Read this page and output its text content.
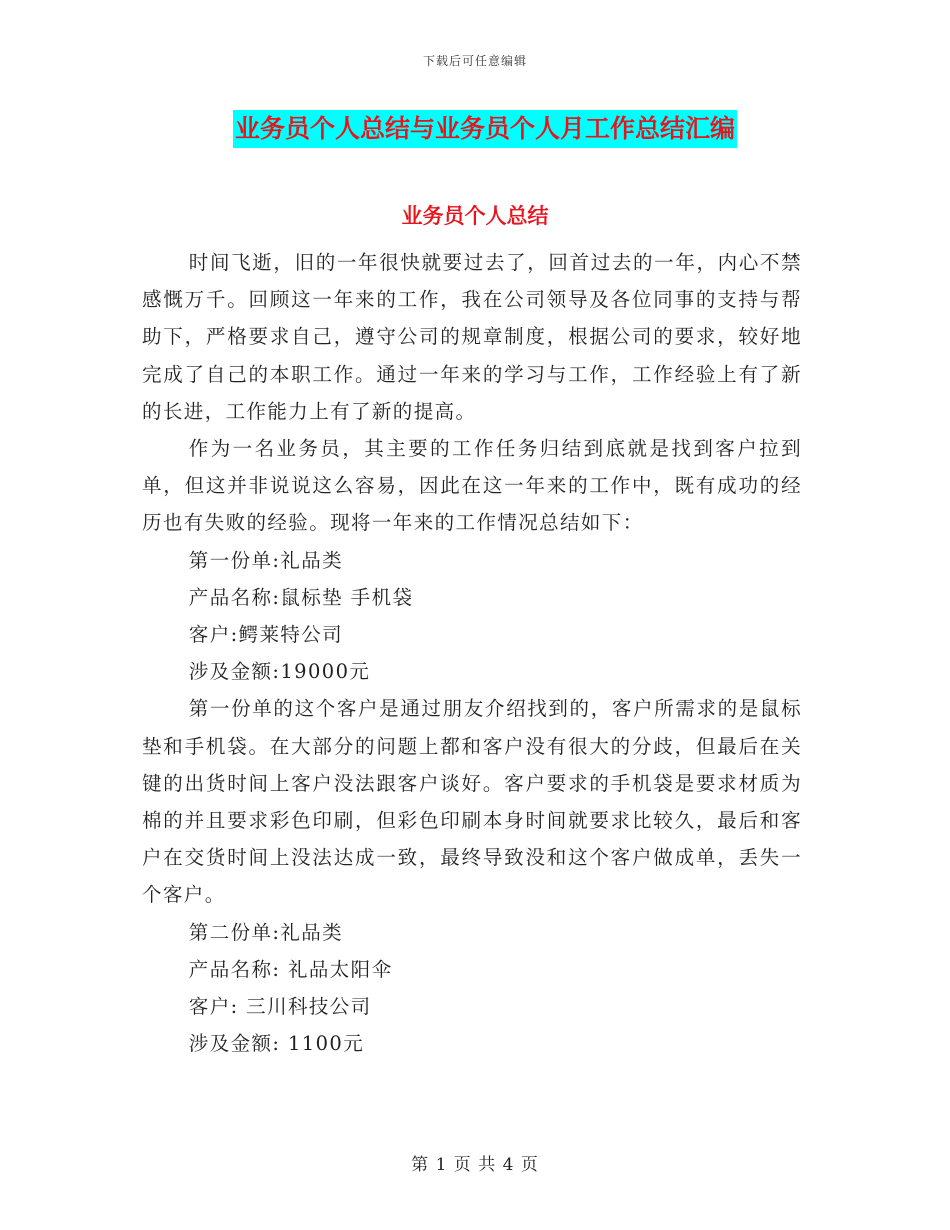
下载后可任意编辑
业务员个人总结与业务员个人月工作总结汇编
业务员个人总结

时间飞逝，旧的一年很快就要过去了，回首过去的一年，内心不禁感慨万千。回顾这一年来的工作，我在公司领导及各位同事的支持与帮助下，严格要求自己，遵守公司的规章制度，根据公司的要求，较好地完成了自己的本职工作。通过一年来的学习与工作，工作经验上有了新的长进，工作能力上有了新的提高。

作为一名业务员，其主要的工作任务归结到底就是找到客户拉到单，但这并非说说这么容易，因此在这一年来的工作中，既有成功的经历也有失败的经验。现将一年来的工作情况总结如下：

第一份单:礼品类

产品名称:鼠标垫 手机袋

客户:鳄莱特公司

涉及金额:19000元

第一份单的这个客户是通过朋友介绍找到的，客户所需求的是鼠标垫和手机袋。在大部分的问题上都和客户没有很大的分歧，但最后在关键的出货时间上客户没法跟客户谈好。客户要求的手机袋是要求材质为棉的并且要求彩色印刷，但彩色印刷本身时间就要求比较久，最后和客户在交货时间上没法达成一致，最终导致没和这个客户做成单，丢失一个客户。

第二份单:礼品类

产品名称: 礼品太阳伞

客户: 三川科技公司

涉及金额: 1100元

第 1 页 共 4 页
